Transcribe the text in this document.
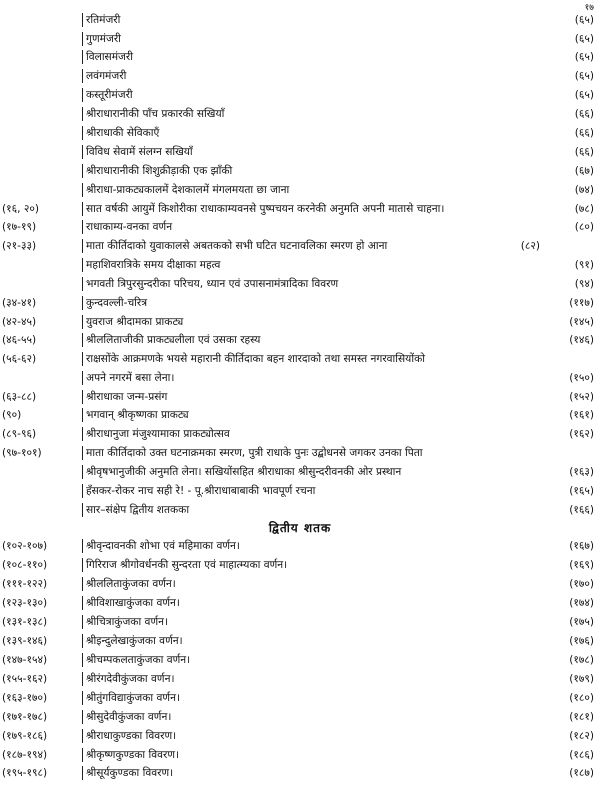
१७
रतिमंजरी	(६५)
गुणमंजरी	(६५)
विलासमंजरी	(६५)
लवंगमंजरी	(६५)
कस्तूरीमंजरी	(६५)
श्रीराधारानीकी पाँच प्रकारकी सखियाँ	(६६)
श्रीराधाकी सेविकाएँ	(६६)
विविध सेवामें संलग्न सखियाँ	(६६)
श्रीराधारानीकी शिशुक्रीड़ाकी एक झाँकी	(६७)
श्रीराधा-प्राकट्यकालमें देशकालमें मंगलमयता छा जाना	(७४)
(१६, २०)	सात वर्षकी आयुमें किशोरीका राधाकाम्यवनसे पुष्पचयन करनेकी अनुमति अपनी मातासे चाहना।	(७८)
(१७-१९)	राधाकाम्य-वनका वर्णन	(८०)
(२१-३३)	माता कीर्तिदाको युवाकालसे अबतकको सभी घटित घटनावलिका स्मरण हो आना	(८२)
महाशिवरात्रिके समय दीक्षाका महत्व	(९१)
भगवती त्रिपुरसुन्दरीका परिचय, ध्यान एवं उपासनामंत्रादिका विवरण	(९४)
(३४-४१)	कुन्दवल्ली-चरित्र	(११७)
(४२-४५)	युवराज श्रीदामका प्राकट्य	(१४५)
(४६-५५)	श्रीललिताजीकी प्राकट्यलीला एवं उसका रहस्य	(१४६)
(५६-६२)	राक्षसोंके आक्रमणके भयसे महारानी कीर्तिदाका बहन शारदाको तथा समस्त नगरवासियोंको
अपने नगरमें बसा लेना।	(१५०)
(६३-८८)	श्रीराधाका जन्म-प्रसंग	(१५२)
(९०)	भगवान् श्रीकृष्णका प्राकट्य	(१६१)
(८९-९६)	श्रीराधानुजा मंजुश्यामाका प्राकट्योत्सव	(१६२)
(९७-१०१)	माता कीर्तिदाको उक्त घटनाक्रमका स्मरण, पुत्री राधाके पुनः उद्बोधनसे जगकर उनका पिता
श्रीवृषभानुजीकी अनुमति लेना। सखियोंसहित श्रीराधाका श्रीसुन्दरीवनकी ओर प्रस्थान	(१६३)
हँसकर-रोकर नाच सही रे! - पू.श्रीराधाबाबाकी भावपूर्ण रचना	(१६५)
सार–संक्षेप द्वितीय शतकका	(१६६)
(१०२-१०७)	श्रीवृन्दावनकी शोभा एवं महिमाका वर्णन।	(१६७)
(१०८-११०)	गिरिराज श्रीगोवर्धनकी सुन्दरता एवं माहात्म्यका वर्णन।	(१६९)
(१११-१२२)	श्रीललिताकुंजका वर्णन।	(१७०)
(१२३-१३०)	श्रीविशाखाकुंजका वर्णन।	(१७४)
(१३१-१३८)	श्रीचित्राकुंजका वर्णन।	(१७५)
(१३९-१४६)	श्रीइन्दुलेखाकुंजका वर्णन।	(१७६)
(१४७-१५४)	श्रीचम्पकलताकुंजका वर्णन।	(१७८)
(१५५-१६२)	श्रीरंगदेवीकुंजका वर्णन।	(१७९)
(१६३-१७०)	श्रीतुंगविद्याकुंजका वर्णन।	(१८०)
(१७१-१७८)	श्रीसुदेवीकुंजका वर्णन।	(१८१)
(१७९-१८६)	श्रीराधाकुण्डका विवरण।	(१८२)
(१८७-१९४)	श्रीकृष्णकुण्डका विवरण।	(१८६)
(१९५-१९८)	श्रीसूर्यकुण्डका विवरण।	(१८७)
द्वितीय शतक
